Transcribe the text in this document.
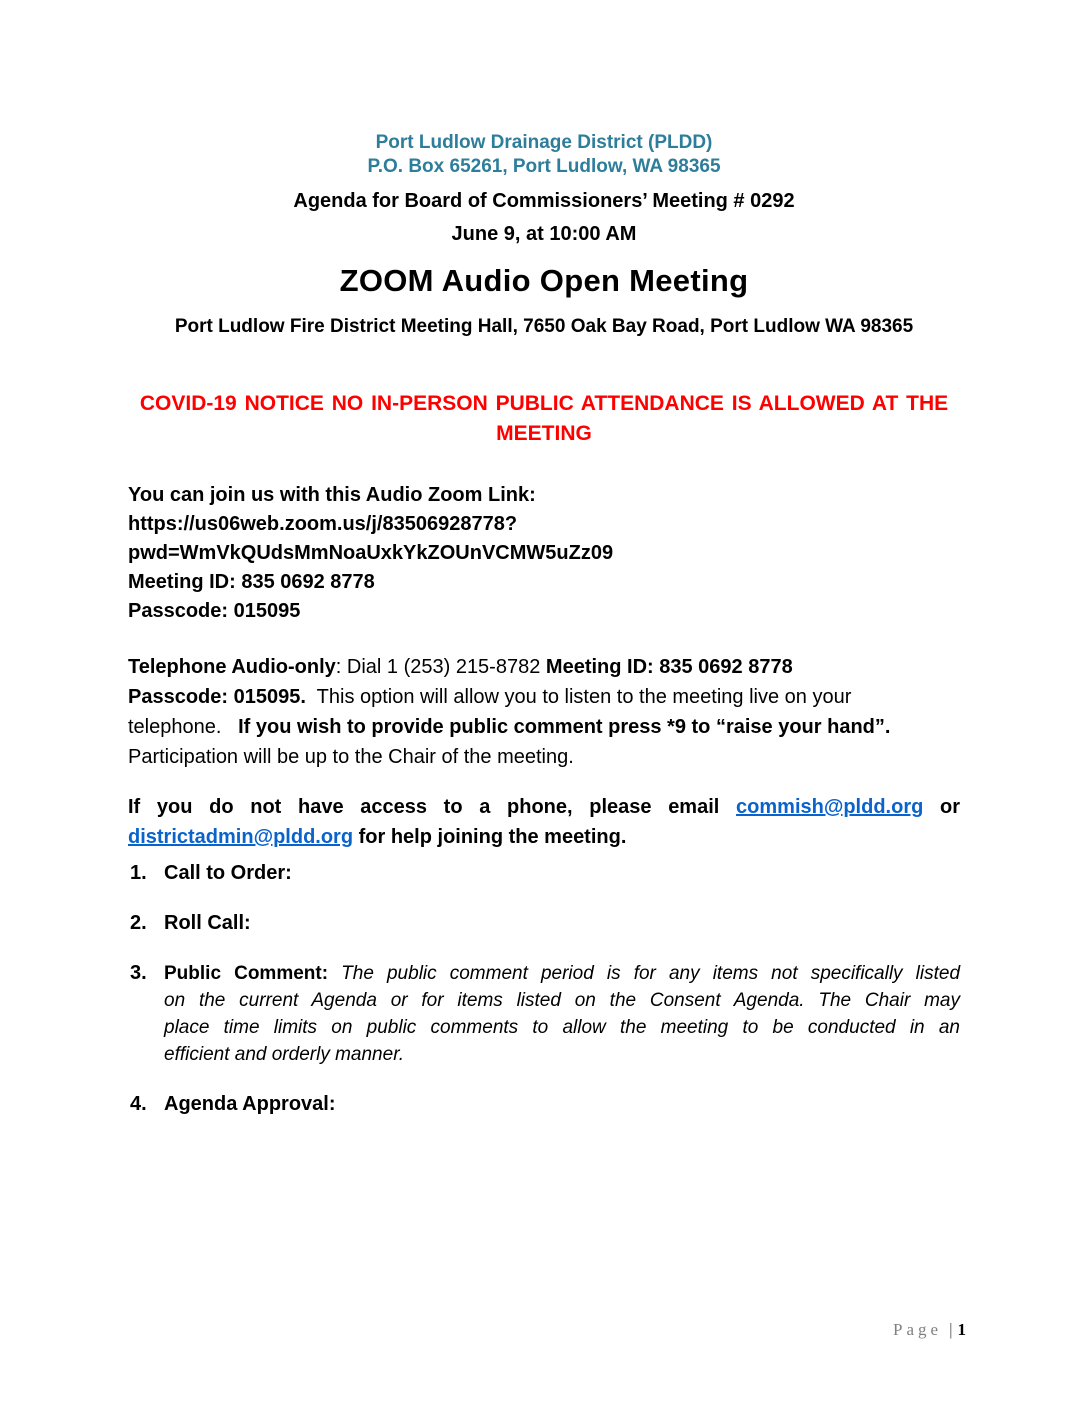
Port Ludlow Drainage District (PLDD)
P.O. Box 65261, Port Ludlow, WA 98365
Agenda for Board of Commissioners’ Meeting # 0292
June 9, at 10:00 AM
ZOOM Audio Open Meeting
Port Ludlow Fire District Meeting Hall, 7650 Oak Bay Road, Port Ludlow WA 98365
COVID-19 NOTICE NO IN-PERSON PUBLIC ATTENDANCE IS ALLOWED AT THE
MEETING
You can join us with this Audio Zoom Link:
https://us06web.zoom.us/j/83506928778?
pwd=WmVkQUdsMmNoaUxkYkZOUnVCMW5uZz09
Meeting ID: 835 0692 8778
Passcode: 015095
Telephone Audio-only: Dial 1 (253) 215-8782 Meeting ID: 835 0692 8778
Passcode: 015095.  This option will allow you to listen to the meeting live on your
telephone.   If you wish to provide public comment press *9 to “raise your hand”.
Participation will be up to the Chair of the meeting.
If you do not have access to a phone, please email commish@pldd.org or
districtadmin@pldd.org for help joining the meeting.
1. Call to Order:
2. Roll Call:
3. Public Comment: The public comment period is for any items not specifically listed
on the current Agenda or for items listed on the Consent Agenda. The Chair may
place time limits on public comments to allow the meeting to be conducted in an
efficient and orderly manner.
4. Agenda Approval:
Page | 1
